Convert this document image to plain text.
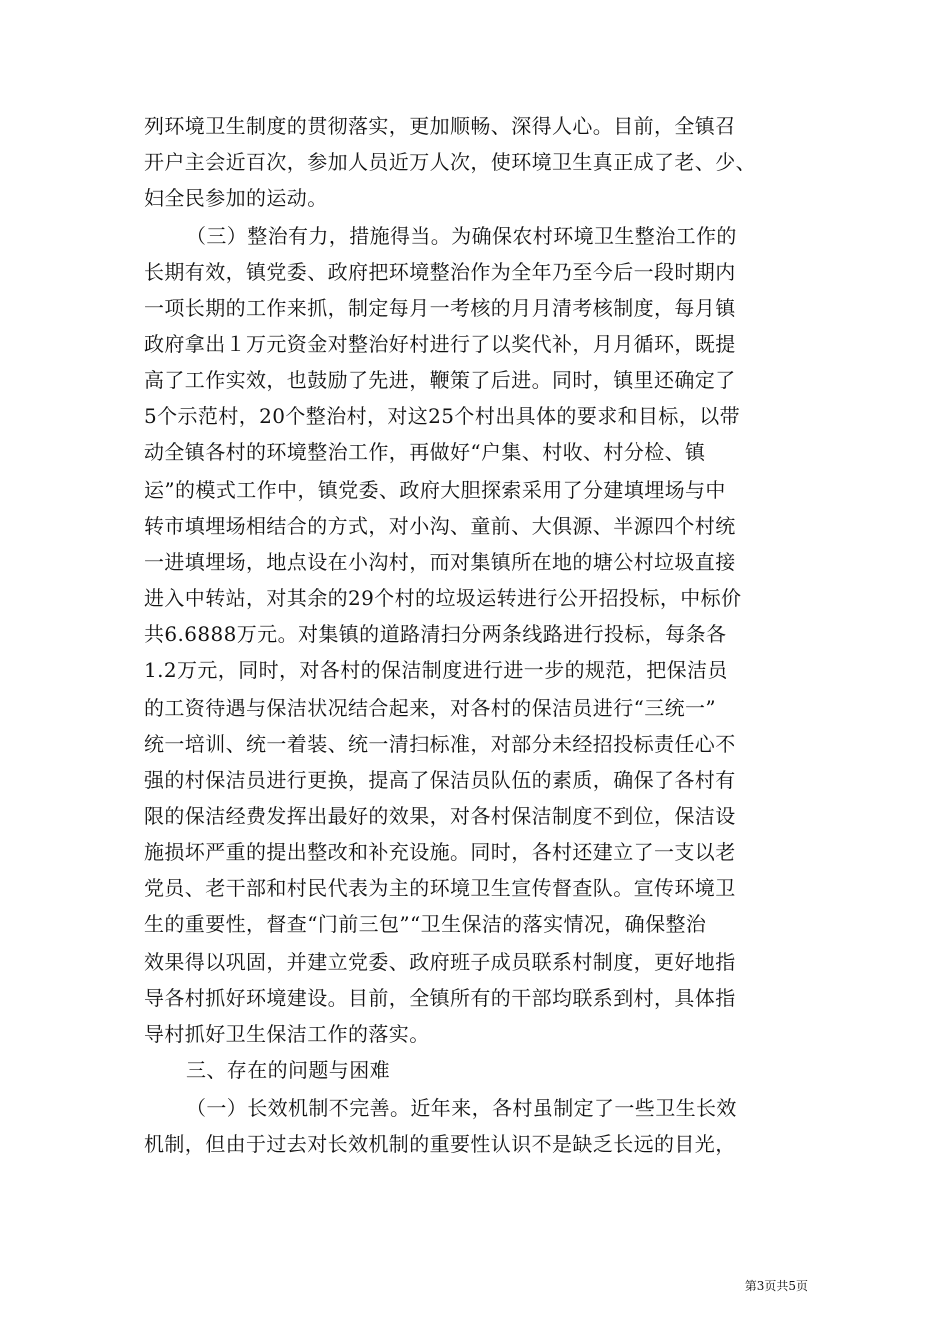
列环境卫生制度的贯彻落实，更加顺畅、深得人心。目前，全镇召
开户主会近百次，参加人员近万人次，使环境卫生真正成了老、少、
妇全民参加的运动。
（三）整治有力，措施得当。为确保农村环境卫生整治工作的
长期有效，镇党委、政府把环境整治作为全年乃至今后一段时期内
一项长期的工作来抓，制定每月一考核的月月清考核制度，每月镇
政府拿出１万元资金对整治好村进行了以奖代补，月月循环，既提
高了工作实效，也鼓励了先进，鞭策了后进。同时，镇里还确定了
5个示范村，20个整治村，对这25个村出具体的要求和目标，以带
动全镇各村的环境整治工作，再做好“户集、村收、村分检、镇
运”的模式工作中，镇党委、政府大胆探索采用了分建填埋场与中
转市填埋场相结合的方式，对小沟、童前、大俱源、半源四个村统
一进填埋场，地点设在小沟村，而对集镇所在地的塘公村垃圾直接
进入中转站，对其余的29个村的垃圾运转进行公开招投标，中标价
共6.6888万元。对集镇的道路清扫分两条线路进行投标，每条各
1.2万元，同时，对各村的保洁制度进行进一步的规范，把保洁员
的工资待遇与保洁状况结合起来，对各村的保洁员进行“三统一”
统一培训、统一着装、统一清扫标准，对部分未经招投标责任心不
强的村保洁员进行更换，提高了保洁员队伍的素质，确保了各村有
限的保洁经费发挥出最好的效果，对各村保洁制度不到位，保洁设
施损坏严重的提出整改和补充设施。同时，各村还建立了一支以老
党员、老干部和村民代表为主的环境卫生宣传督查队。宣传环境卫
生的重要性，督查“门前三包”“卫生保洁的落实情况，确保整治
效果得以巩固，并建立党委、政府班子成员联系村制度，更好地指
导各村抓好环境建设。目前，全镇所有的干部均联系到村，具体指
导村抓好卫生保洁工作的落实。
三、存在的问题与困难
（一）长效机制不完善。近年来，各村虽制定了一些卫生长效
机制，但由于过去对长效机制的重要性认识不是缺乏长远的目光，
第3页共5页
